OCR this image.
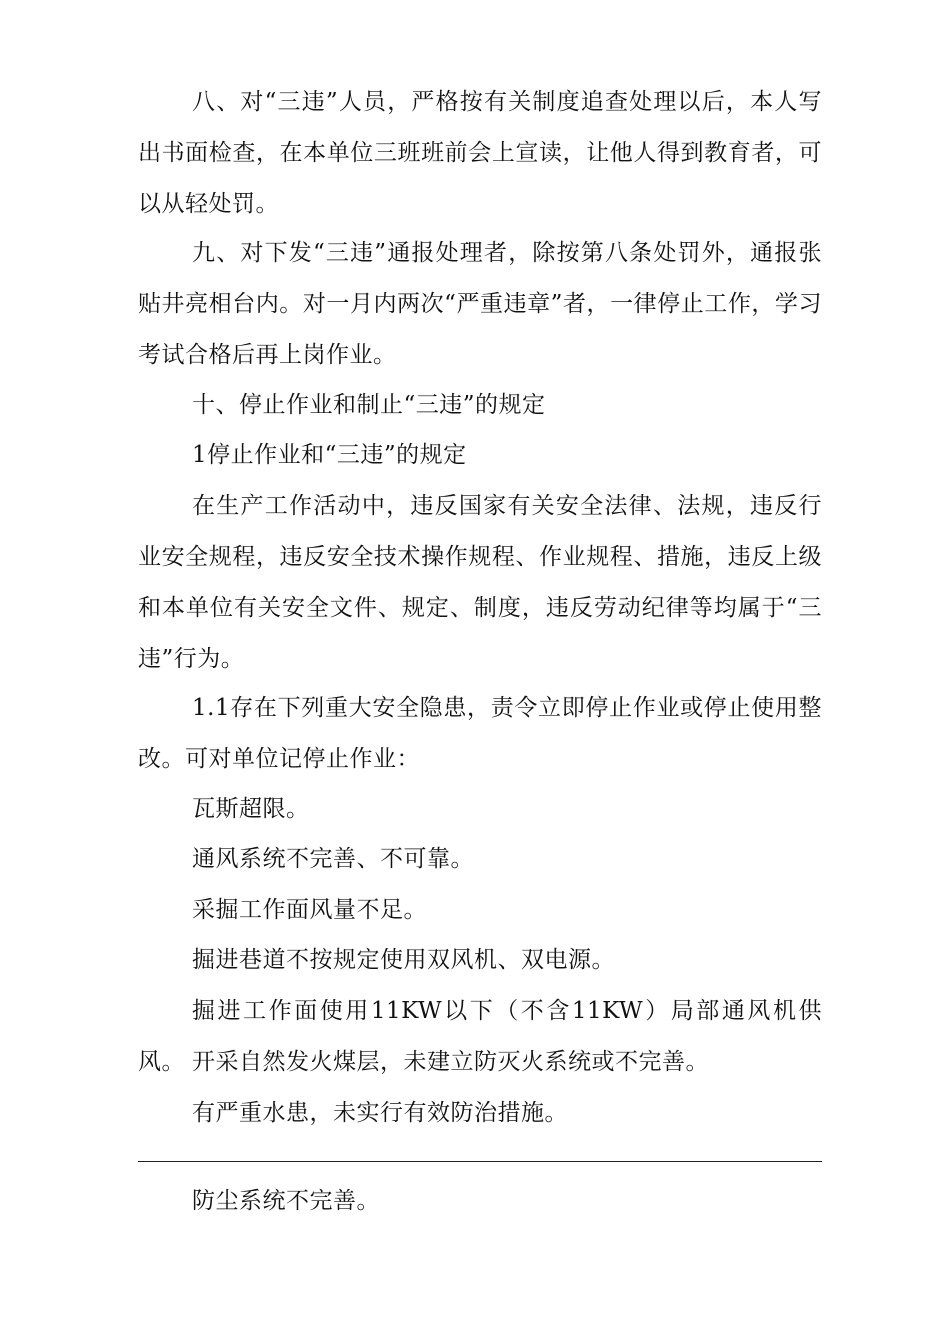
八、对“三违”人员，严格按有关制度追查处理以后，本人写出书面检查，在本单位三班班前会上宣读，让他人得到教育者，可以从轻处罚。

九、对下发“三违”通报处理者，除按第八条处罚外，通报张贴井亮相台内。对一月内两次“严重违章”者，一律停止工作，学习考试合格后再上岗作业。

十、停止作业和制止“三违”的规定

1停止作业和“三违”的规定

在生产工作活动中，违反国家有关安全法律、法规，违反行业安全规程，违反安全技术操作规程、作业规程、措施，违反上级和本单位有关安全文件、规定、制度，违反劳动纪律等均属于“三违”行为。

1.1存在下列重大安全隐患，责令立即停止作业或停止使用整改。可对单位记停止作业：

瓦斯超限。

通风系统不完善、不可靠。

采掘工作面风量不足。

掘进巷道不按规定使用双风机、双电源。

掘进工作面使用11KW以下（不含11KW）局部通风机供风。 开采自然发火煤层，未建立防灭火系统或不完善。

有严重水患，未实行有效防治措施。

防尘系统不完善。
